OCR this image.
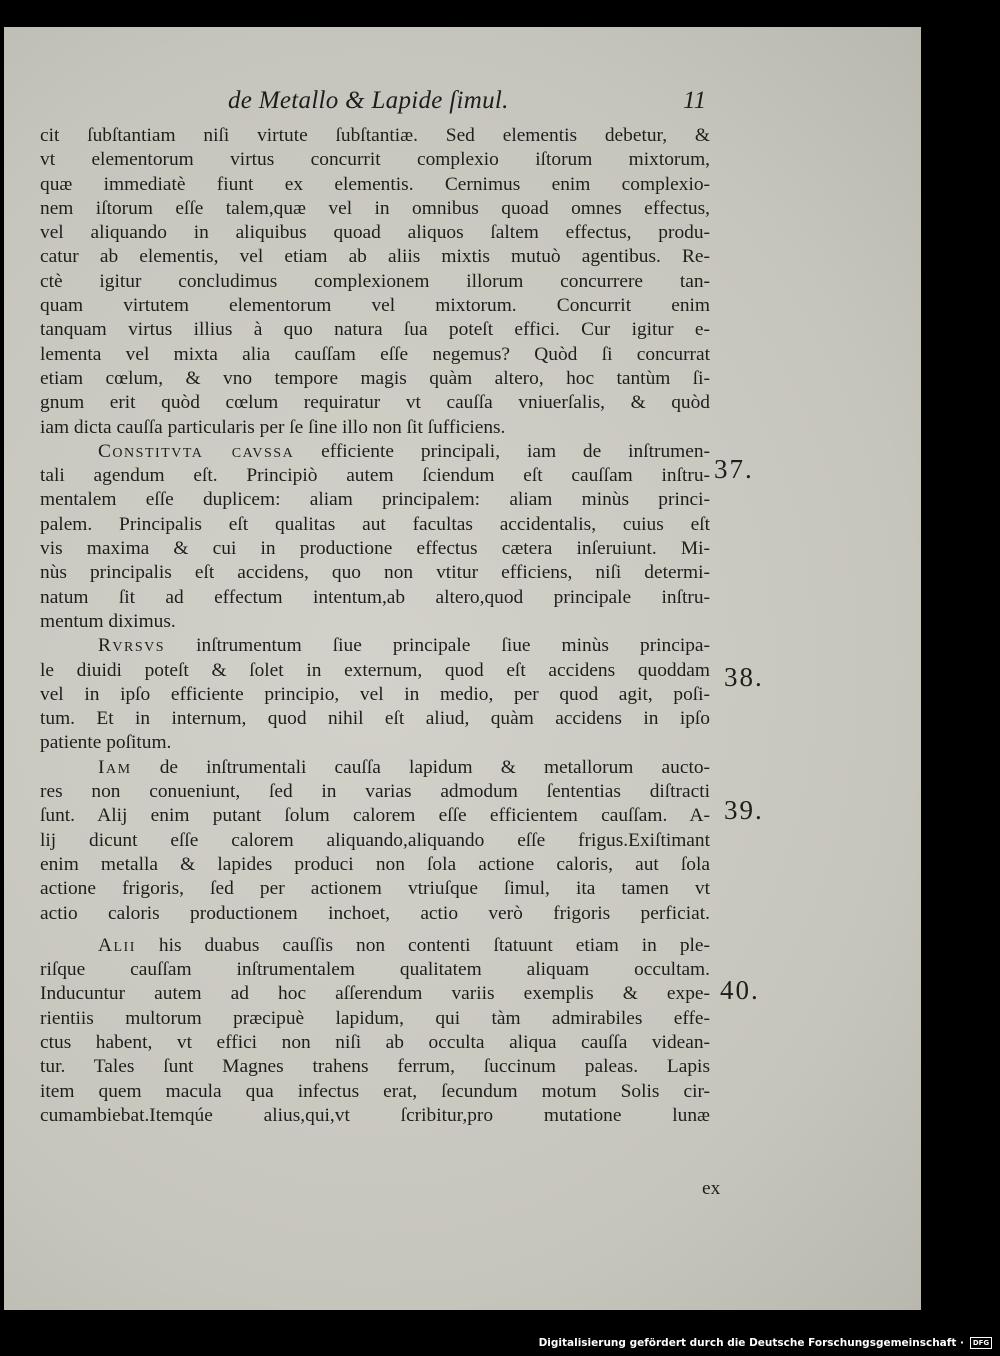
de Metallo & Lapide ſimul.	11
cit ſubſtantiam niſi virtute ſubſtantiæ. Sed elementis debetur, &
vt elementorum virtus concurrit complexio iſtorum mixtorum,
quæ immediatè fiunt ex elementis. Cernimus enim complexio-
nem iſtorum eſſe talem,quæ vel in omnibus quoad omnes effectus,
vel aliquando in aliquibus quoad aliquos ſaltem effectus, produ-
catur ab elementis, vel etiam ab aliis mixtis mutuò agentibus. Re-
ctè igitur concludimus complexionem illorum concurrere tan-
quam virtutem elementorum vel mixtorum. Concurrit enim
tanquam virtus illius à quo natura ſua poteſt effici. Cur igitur e-
lementa vel mixta alia cauſſam eſſe negemus? Quòd ſi concurrat
etiam cœlum, & vno tempore magis quàm altero, hoc tantùm ſi-
gnum erit quòd cœlum requiratur vt cauſſa vniuerſalis, & quòd
iam dicta cauſſa particularis per ſe ſine illo non ſit ſufficiens.
Constitvta cavssa efficiente principali, iam de inſtrumen-
tali agendum eſt. Principiò autem ſciendum eſt cauſſam inſtru-
mentalem eſſe duplicem: aliam principalem: aliam minùs princi-
palem. Principalis eſt qualitas aut facultas accidentalis, cuius eſt
vis maxima & cui in productione effectus cætera inſeruiunt. Mi-
nùs principalis eſt accidens, quo non vtitur efficiens, niſi determi-
natum ſit ad effectum intentum,ab altero,quod principale inſtru-
mentum diximus.
Rvrsvs inſtrumentum ſiue principale ſiue minùs principa-
le diuidi poteſt & ſolet in externum, quod eſt accidens quoddam
vel in ipſo efficiente principio, vel in medio, per quod agit, poſi-
tum. Et in internum, quod nihil eſt aliud, quàm accidens in ipſo
patiente poſitum.
Iam de inſtrumentali cauſſa lapidum & metallorum aucto-
res non conueniunt, ſed in varias admodum ſententias diſtracti
ſunt. Alij enim putant ſolum calorem eſſe efficientem cauſſam. A-
lij dicunt eſſe calorem aliquando,aliquando eſſe frigus.Exiſtimant
enim metalla & lapides produci non ſola actione caloris, aut ſola
actione frigoris, ſed per actionem vtriuſque ſimul, ita tamen vt
actio caloris productionem inchoet, actio verò frigoris perficiat.
Alii his duabus cauſſis non contenti ſtatuunt etiam in ple-
riſque cauſſam inſtrumentalem qualitatem aliquam occultam.
Inducuntur autem ad hoc aſſerendum variis exemplis & expe-
rientiis multorum præcipuè lapidum, qui tàm admirabiles effe-
ctus habent, vt effici non niſi ab occulta aliqua cauſſa videan-
tur. Tales ſunt Magnes trahens ferrum, ſuccinum paleas. Lapis
item quem macula qua infectus erat, ſecundum motum Solis cir-
cumambiebat.Itemqúe alius,qui,vt ſcribitur,pro mutatione lunæ
37.
38.
39.
40.
ex
Digitalisierung gefördert durch die Deutsche Forschungsgemeinschaft ·	DFG
